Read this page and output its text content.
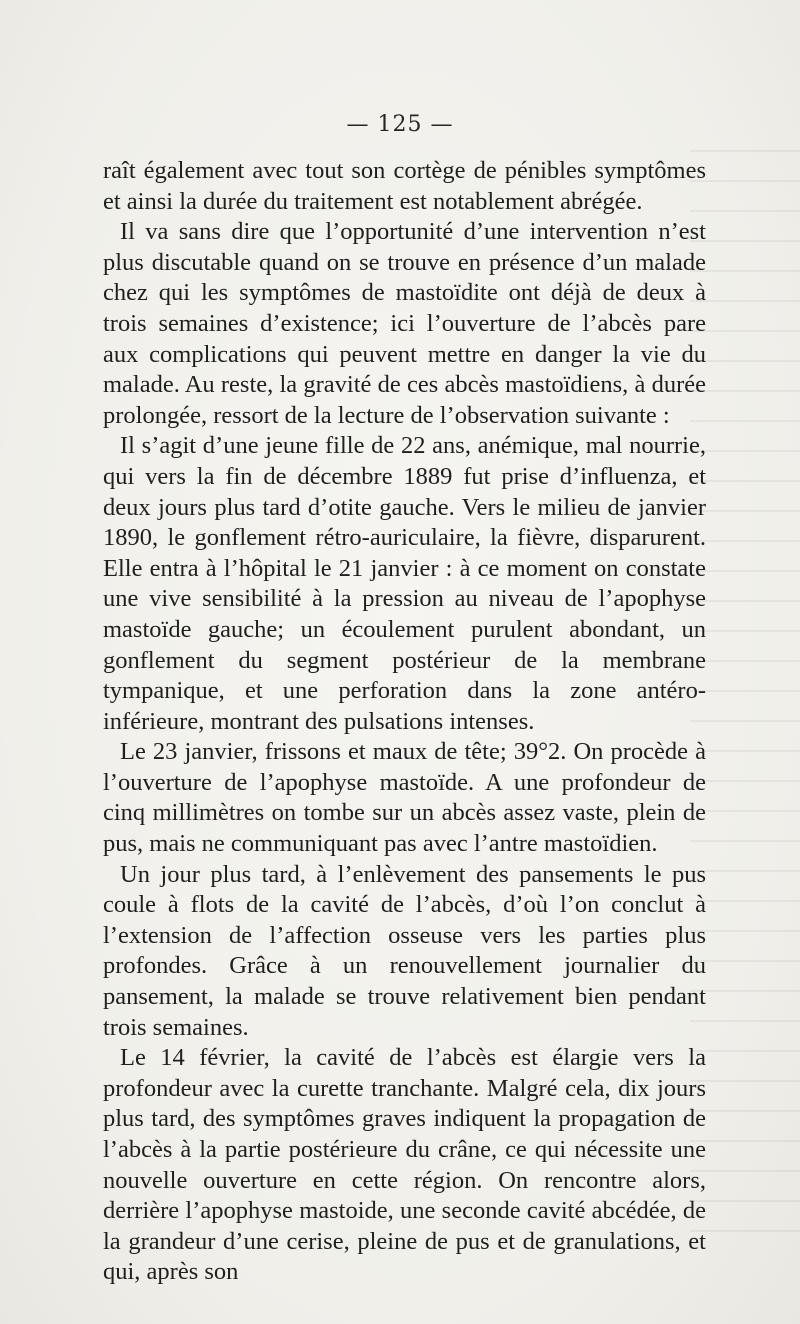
— 125 —

raît également avec tout son cortège de pénibles symptômes et ainsi la durée du traitement est notablement abrégée.

Il va sans dire que l’opportunité d’une intervention n’est plus discutable quand on se trouve en présence d’un malade chez qui les symptômes de mastoïdite ont déjà de deux à trois semaines d’existence; ici l’ouverture de l’abcès pare aux complications qui peuvent mettre en danger la vie du malade. Au reste, la gravité de ces abcès mastoïdiens, à durée prolongée, ressort de la lecture de l’observation suivante :

Il s’agit d’une jeune fille de 22 ans, anémique, mal nourrie, qui vers la fin de décembre 1889 fut prise d’influenza, et deux jours plus tard d’otite gauche. Vers le milieu de janvier 1890, le gonflement rétro-auriculaire, la fièvre, disparurent. Elle entra à l’hôpital le 21 janvier : à ce moment on constate une vive sensibilité à la pression au niveau de l’apophyse mastoïde gauche; un écoulement purulent abondant, un gonflement du segment postérieur de la membrane tympanique, et une perforation dans la zone antéro-inférieure, montrant des pulsations intenses.

Le 23 janvier, frissons et maux de tête; 39°2. On procède à l’ouverture de l’apophyse mastoïde. A une profondeur de cinq millimètres on tombe sur un abcès assez vaste, plein de pus, mais ne communiquant pas avec l’antre mastoïdien.

Un jour plus tard, à l’enlèvement des pansements le pus coule à flots de la cavité de l’abcès, d’où l’on conclut à l’extension de l’affection osseuse vers les parties plus profondes. Grâce à un renouvellement journalier du pansement, la malade se trouve relativement bien pendant trois semaines.

Le 14 février, la cavité de l’abcès est élargie vers la profondeur avec la curette tranchante. Malgré cela, dix jours plus tard, des symptômes graves indiquent la propagation de l’abcès à la partie postérieure du crâne, ce qui nécessite une nouvelle ouverture en cette région. On rencontre alors, derrière l’apophyse mastoide, une seconde cavité abcédée, de la grandeur d’une cerise, pleine de pus et de granulations, et qui, après son
